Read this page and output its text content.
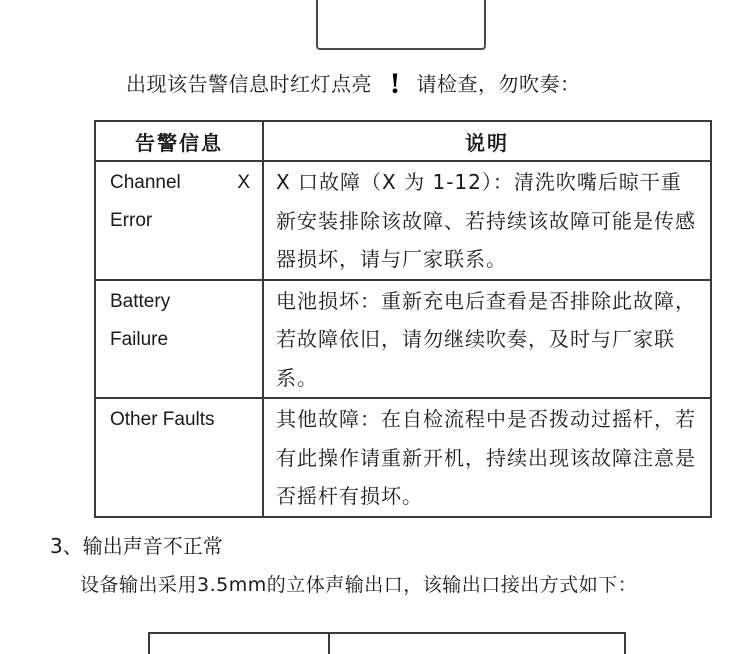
出现该告警信息时红灯点亮 ! 请检查，勿吹奏：
告警信息	说明

Channel X
Error	X 口故障（X 为 1-12）：清洗吹嘴后晾干重新安装排除该故障、若持续该故障可能是传感器损坏，请与厂家联系。

Battery
Failure	电池损坏：重新充电后查看是否排除此故障，若故障依旧，请勿继续吹奏，及时与厂家联系。

Other Faults	其他故障：在自检流程中是否拨动过摇杆，若有此操作请重新开机，持续出现该故障注意是否摇杆有损坏。
3、输出声音不正常
设备输出采用3.5mm的立体声输出口，该输出口接出方式如下：
